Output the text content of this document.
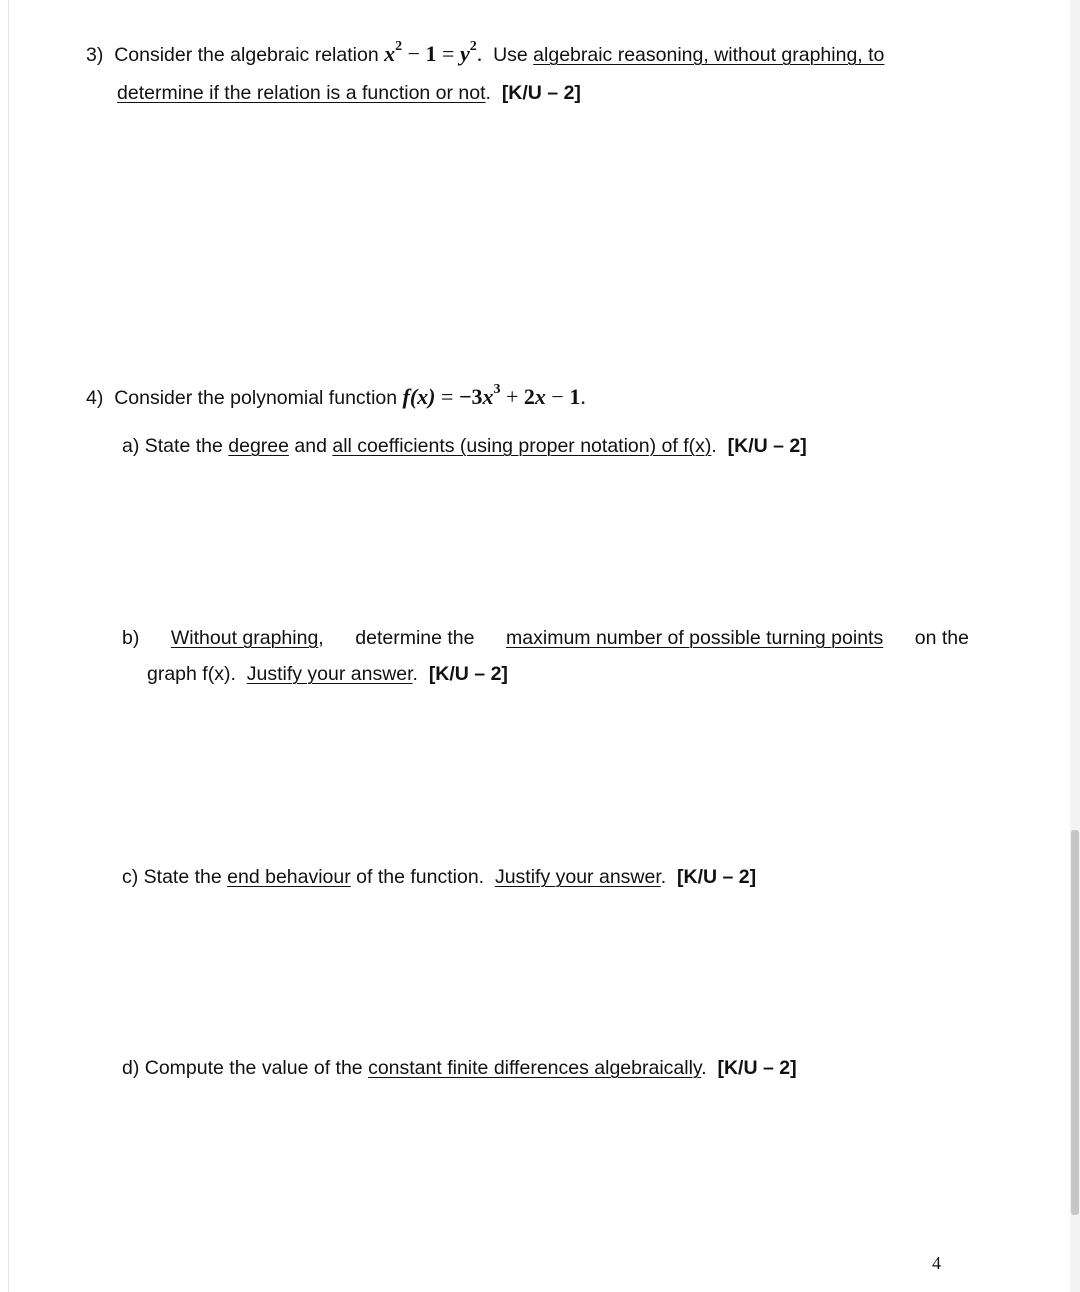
3) Consider the algebraic relation $x^2 - 1 = y^2$. Use algebraic reasoning, without graphing, to
determine if the relation is a function or not. [K/U – 2]
4) Consider the polynomial function $f(x) = -3x^3 + 2x - 1$.
a) State the degree and all coefficients (using proper notation) of f(x). [K/U – 2]
b) Without graphing, determine the maximum number of possible turning points on the
graph f(x). Justify your answer. [K/U – 2]
c) State the end behaviour of the function. Justify your answer. [K/U – 2]
d) Compute the value of the constant finite differences algebraically. [K/U – 2]
4
